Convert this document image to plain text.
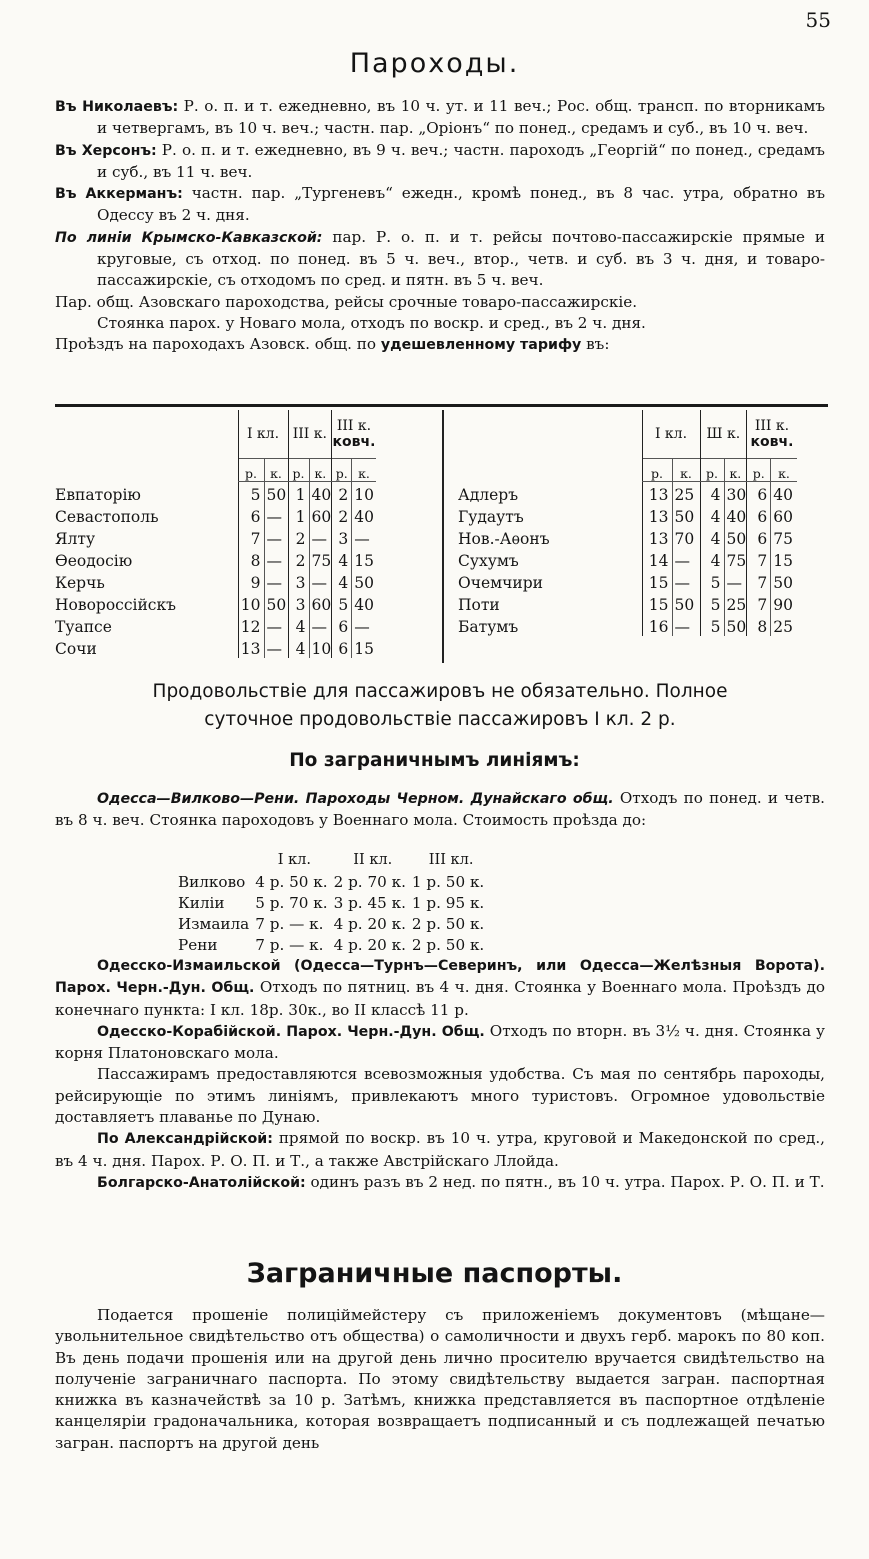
55
Пароходы.

Въ Николаевъ: Р. о. п. и т. ежедневно, въ 10 ч. ут. и 11 веч.; Рос. общ. трансп. по вторникамъ и четвергамъ, въ 10 ч. веч.; частн. пар. „Оріонъ“ по понед., средамъ и суб., въ 10 ч. веч.

Въ Херсонъ: Р. о. п. и т. ежедневно, въ 9 ч. веч.; частн. пароходъ „Георгій“ по понед., средамъ и суб., въ 11 ч. веч.

Въ Аккерманъ: частн. пар. „Тургеневъ“ ежедн., кромѣ понед., въ 8 час. утра, обратно въ Одессу въ 2 ч. дня.

По линіи Крымско-Кавказской: пар. Р. о. п. и т. рейсы почтово-пассажирскіе прямые и круговые, съ отход. по понед. въ 5 ч. веч., втор., четв. и суб. въ 3 ч. дня, и товаро-пассажирскіе, съ отходомъ по сред. и пятн. въ 5 ч. веч.

Пар. общ. Азовскаго пароходства, рейсы срочные товаро-пассажирскіе.

Стоянка парох. у Новаго мола, отходъ по воскр. и сред., въ 2 ч. дня.

Проѣздъ на пароходахъ Азовск. общ. по удешевленному тарифу въ:

	I кл.		III к.		III к.
ковч.	
	р.	к.	р.	к.	р.	к.
Евпаторію	5	50	1	40	2	10
Севастополь	6	—	1	60	2	40
Ялту	7	—	2	—	3	—
Ѳеодосію	8	—	2	75	4	15
Керчь	9	—	3	—	4	50
Новороссійскъ	10	50	3	60	5	40
Туапсе	12	—	4	—	6	—
Сочи	13	—	4	10	6	15
	I кл.		Ш к.		III к.
ковч.	
	р.	к.	р.	к.	р.	к.
Адлеръ	13	25	4	30	6	40
Гудаутъ	13	50	4	40	6	60
Нов.-Аѳонъ	13	70	4	50	6	75
Сухумъ	14	—	4	75	7	15
Очемчири	15	—	5	—	7	50
Поти	15	50	5	25	7	90
Батумъ	16	—	5	50	8	25
Продовольствіе для пассажировъ не обязательно. Полное
суточное продовольствіе пассажировъ I кл. 2 р.
По заграничнымъ линіямъ:

Одесса—Вилково—Рени. Пароходы Черном. Дунайскаго общ. Отходъ по понед. и четв. въ 8 ч. веч. Стоянка пароходовъ у Военнаго мола. Стоимость проѣзда до:

	I кл.	II кл.	III кл.
Вилково	4 р. 50 к.	2 р. 70 к.	1 р. 50 к.
Киліи	5 р. 70 к.	3 р. 45 к.	1 р. 95 к.
Измаила	7 р. — к.	4 р. 20 к.	2 р. 50 к.
Рени	7 р. — к.	4 р. 20 к.	2 р. 50 к.

Одесско-Измаильской (Одесса—Турнъ—Северинъ, или Одесса—Желѣзныя Ворота). Парох. Черн.-Дун. Общ. Отходъ по пятниц. въ 4 ч. дня. Стоянка у Военнаго мола. Проѣздъ до конечнаго пункта: I кл. 18р. 30к., во II классѣ 11 р.

Одесско-Корабійской. Парох. Черн.-Дун. Общ. Отходъ по вторн. въ 3½ ч. дня. Стоянка у корня Платоновскаго мола.

Пассажирамъ предоставляются всевозможныя удобства. Съ мая по сентябрь пароходы, рейсирующіе по этимъ линіямъ, привлекаютъ много туристовъ. Огромное удовольствіе доставляетъ плаванье по Дунаю.

По Александрійской: прямой по воскр. въ 10 ч. утра, круговой и Македонской по сред., въ 4 ч. дня. Парох. Р. О. П. и Т., а также Австрійскаго Ллойда.

Болгарско-Анатолійской: одинъ разъ въ 2 нед. по пятн., въ 10 ч. утра. Парох. Р. О. П. и Т.

Заграничные паспорты.

Подается прошеніе полиціймейстеру съ приложеніемъ документовъ (мѣщане—увольнительное свидѣтельство отъ общества) о самоличности и двухъ герб. марокъ по 80 коп. Въ день подачи прошенія или на другой день лично просителю вручается свидѣтельство на полученіе заграничнаго паспорта. По этому свидѣтельству выдается загран. паспортная книжка въ казначействѣ за 10 р. Затѣмъ, книжка представляется въ паспортное отдѣленіе канцеляріи градоначальника, которая возвращаетъ подписанный и съ подлежащей печатью загран. паспортъ на другой день
